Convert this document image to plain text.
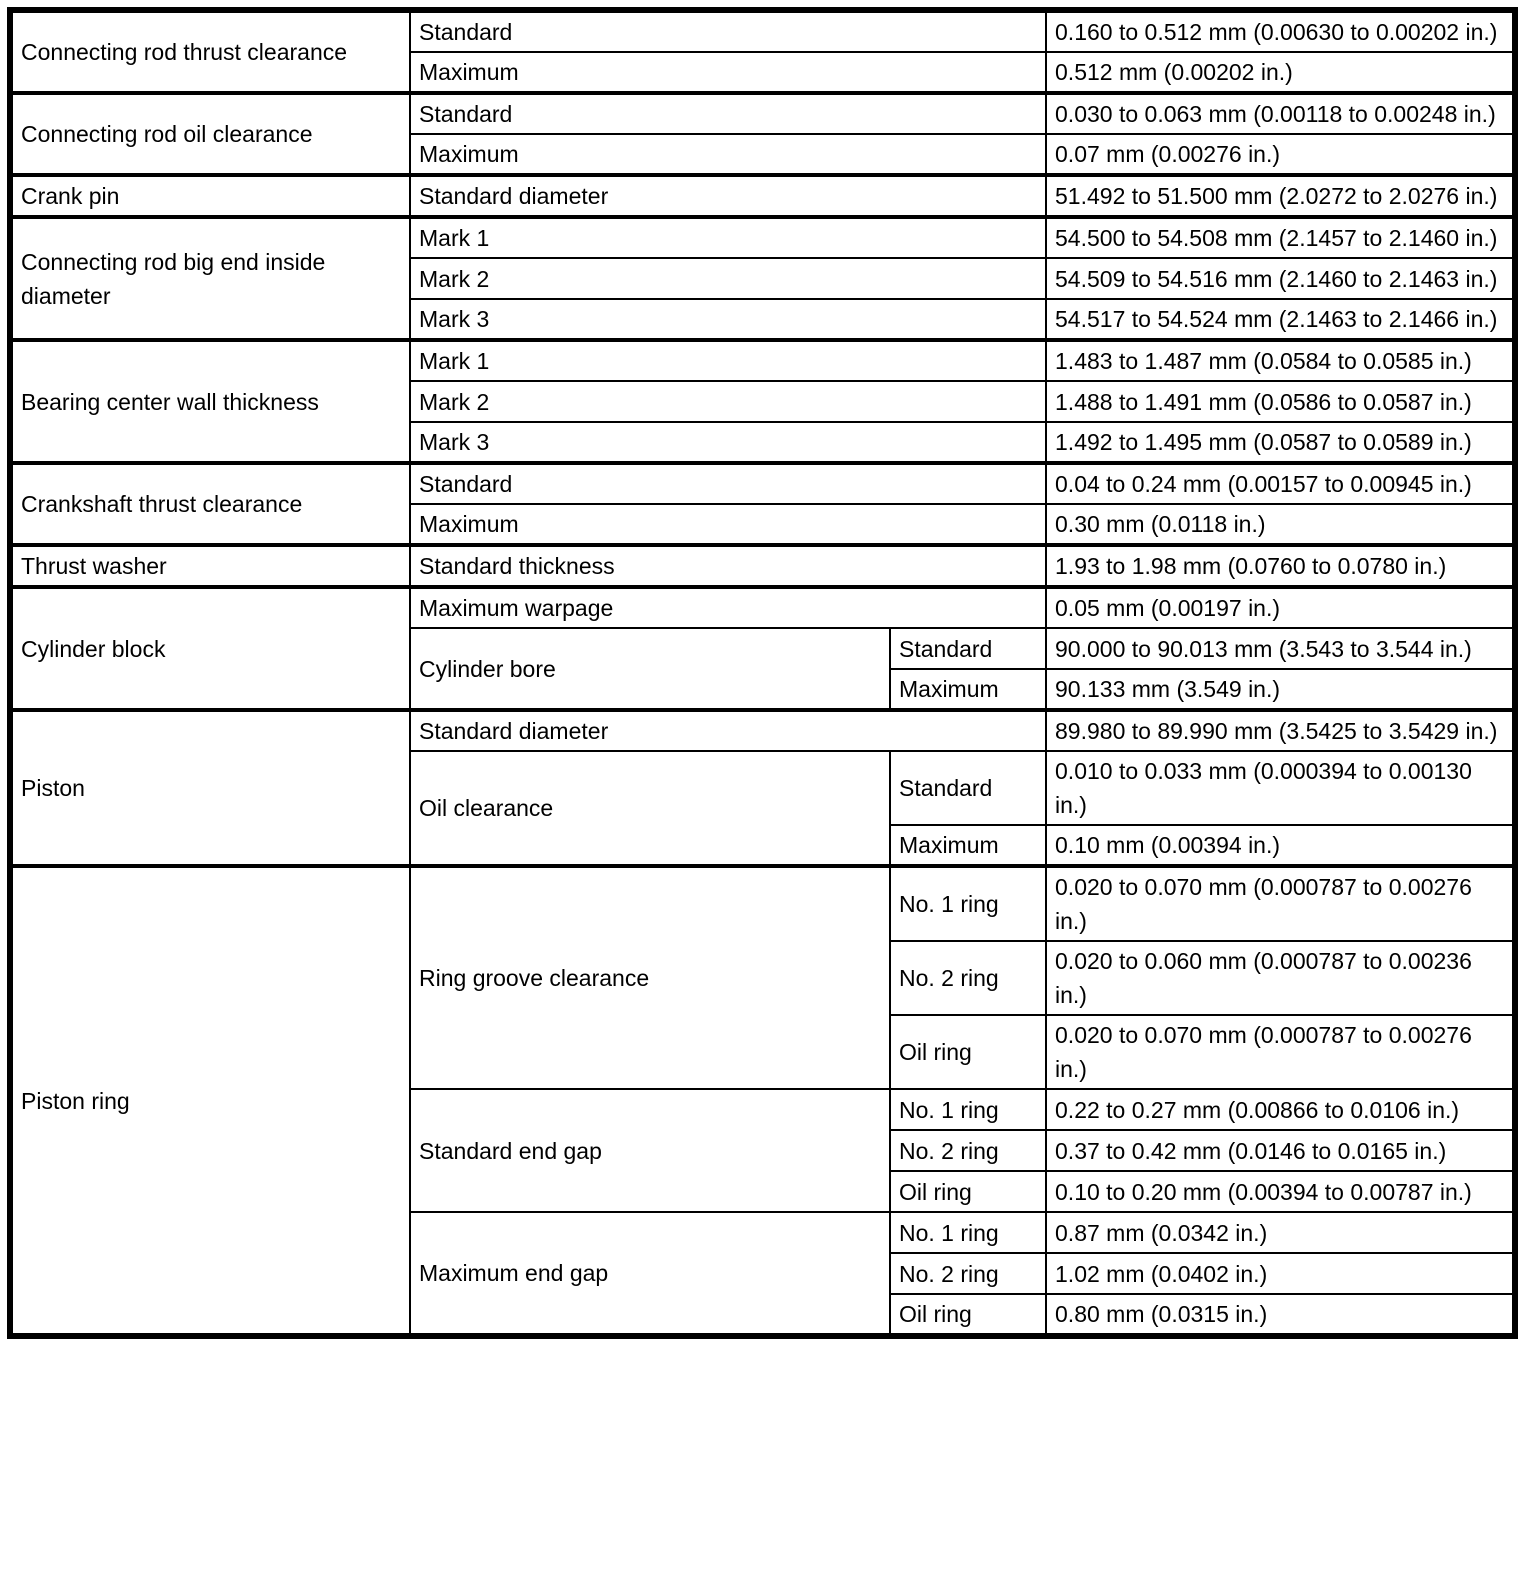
Connecting rod thrust clearance	Standard		0.160 to 0.512 mm (0.00630 to 0.00202 in.)
	Maximum		0.512 mm (0.00202 in.)
Connecting rod oil clearance	Standard		0.030 to 0.063 mm (0.00118 to 0.00248 in.)
	Maximum		0.07 mm (0.00276 in.)
Crank pin	Standard diameter		51.492 to 51.500 mm (2.0272 to 2.0276 in.)
Connecting rod big end inside diameter	Mark 1		54.500 to 54.508 mm (2.1457 to 2.1460 in.)
	Mark 2		54.509 to 54.516 mm (2.1460 to 2.1463 in.)
	Mark 3		54.517 to 54.524 mm (2.1463 to 2.1466 in.)
Bearing center wall thickness	Mark 1		1.483 to 1.487 mm (0.0584 to 0.0585 in.)
	Mark 2		1.488 to 1.491 mm (0.0586 to 0.0587 in.)
	Mark 3		1.492 to 1.495 mm (0.0587 to 0.0589 in.)
Crankshaft thrust clearance	Standard		0.04 to 0.24 mm (0.00157 to 0.00945 in.)
	Maximum		0.30 mm (0.0118 in.)
Thrust washer	Standard thickness		1.93 to 1.98 mm (0.0760 to 0.0780 in.)
Cylinder block	Maximum warpage		0.05 mm (0.00197 in.)
	Cylinder bore	Standard	90.000 to 90.013 mm (3.543 to 3.544 in.)
		Maximum	90.133 mm (3.549 in.)
Piston	Standard diameter		89.980 to 89.990 mm (3.5425 to 3.5429 in.)
	Oil clearance	Standard	0.010 to 0.033 mm (0.000394 to 0.00130 in.)
		Maximum	0.10 mm (0.00394 in.)
Piston ring	Ring groove clearance	No. 1 ring	0.020 to 0.070 mm (0.000787 to 0.00276 in.)
		No. 2 ring	0.020 to 0.060 mm (0.000787 to 0.00236 in.)
		Oil ring	0.020 to 0.070 mm (0.000787 to 0.00276 in.)
	Standard end gap	No. 1 ring	0.22 to 0.27 mm (0.00866 to 0.0106 in.)
		No. 2 ring	0.37 to 0.42 mm (0.0146 to 0.0165 in.)
		Oil ring	0.10 to 0.20 mm (0.00394 to 0.00787 in.)
	Maximum end gap	No. 1 ring	0.87 mm (0.0342 in.)
		No. 2 ring	1.02 mm (0.0402 in.)
		Oil ring	0.80 mm (0.0315 in.)
